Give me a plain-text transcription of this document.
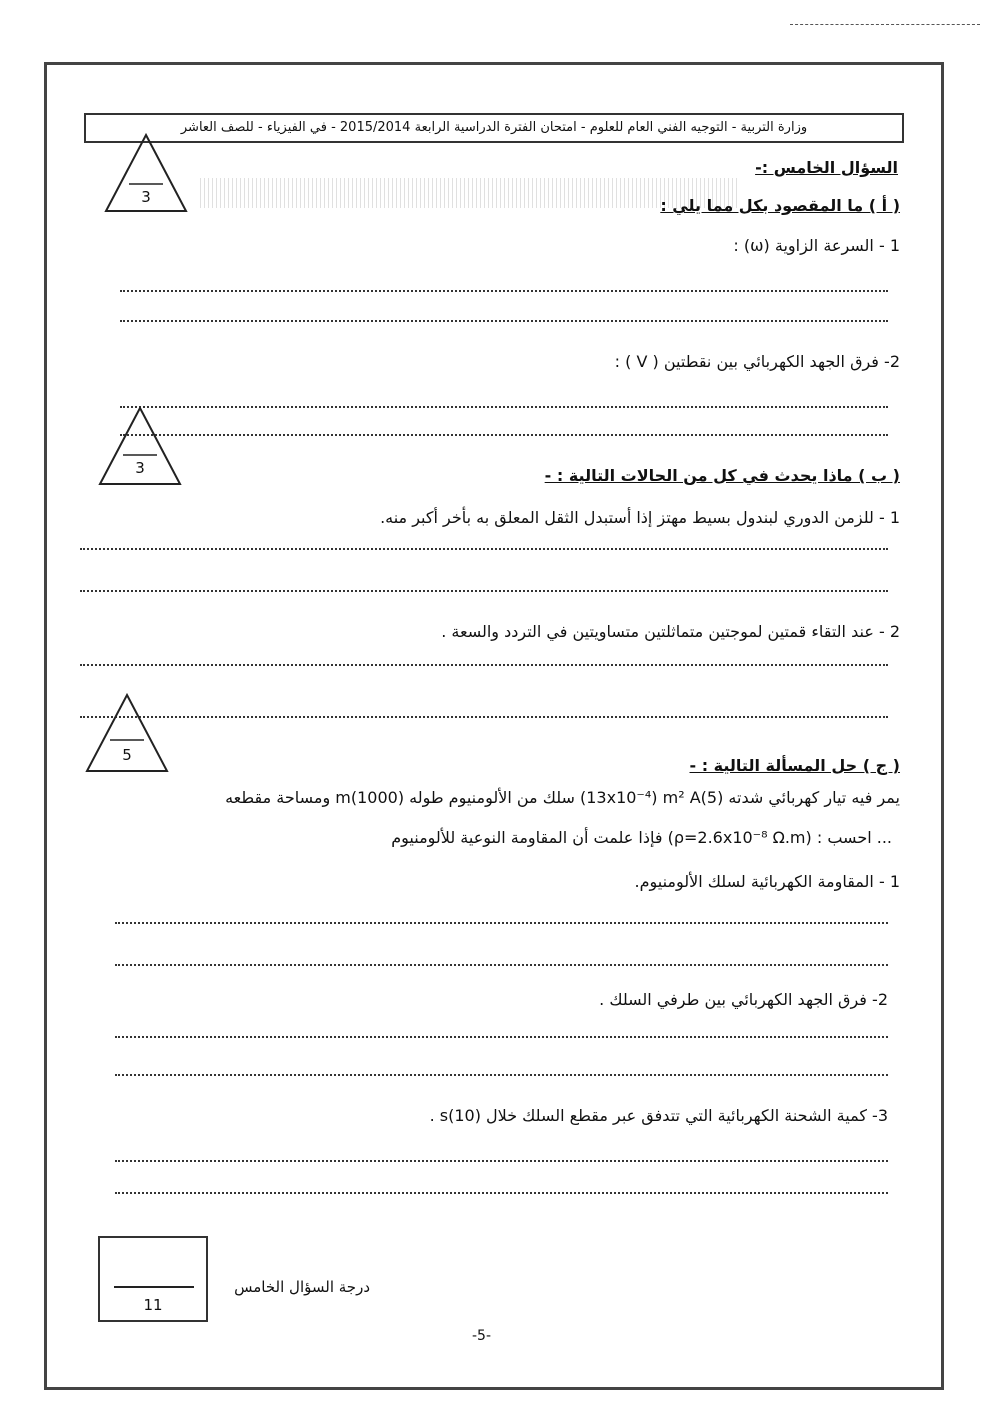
وزارة التربية - التوجيه الفني العام للعلوم - امتحان الفترة الدراسية الرابعة 2015/2014 - في الفيزياء - للصف العاشر
السؤال الخامس :-
3	( أ ) ما المقصود بكل مما يلي :
1 - السرعة الزاوية (ω) :
2- فرق الجهد الكهربائي بين نقطتين ( V ) :
3	( ب ) ماذا يحدث في كل من الحالات التالية : -
1 - للزمن الدوري لبندول بسيط مهتز إذا أستبدل الثقل المعلق به بأخر أكبر منه.
2 - عند التقاء قمتين لموجتين متماثلتين متساويتين في التردد والسعة .
5
( ج ) حل المسألة التالية : -
يمر فيه تيار كهربائي شدته A(5) (13x10⁻⁴) m² سلك من الألومنيوم طوله (1000)m ومساحة مقطعه
... احسب : (ρ=2.6x10⁻⁸ Ω.m) فإذا علمت أن المقاومة النوعية للألومنيوم
1 - المقاومة الكهربائية لسلك الألومنيوم.
2- فرق الجهد الكهربائي بين طرفي السلك .
3- كمية الشحنة الكهربائية التي تتدفق عبر مقطع السلك خلال (10)s .
11
درجة السؤال الخامس
-5-
